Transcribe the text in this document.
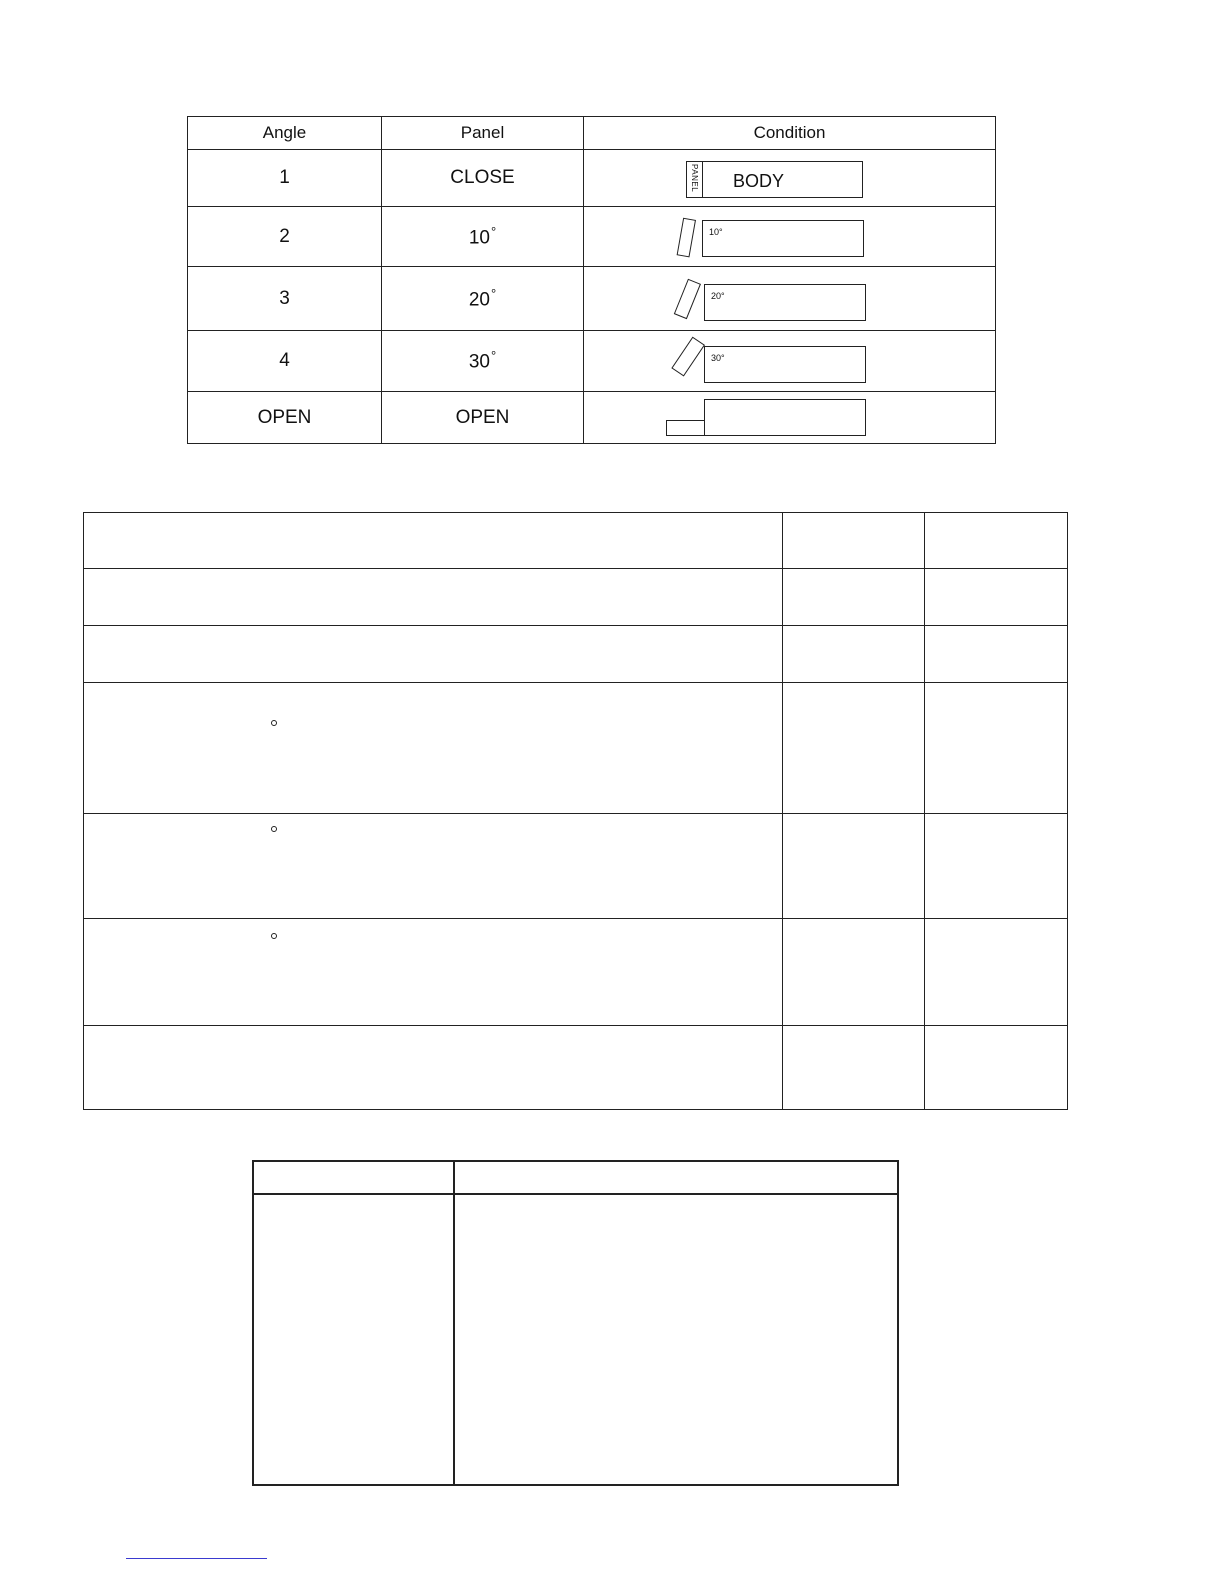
Angle	Panel	Condition
1	CLOSE	BODY
PANEL

2	10°	10°

3	20°	20°

4	30°	30°

OPEN	OPEN	
